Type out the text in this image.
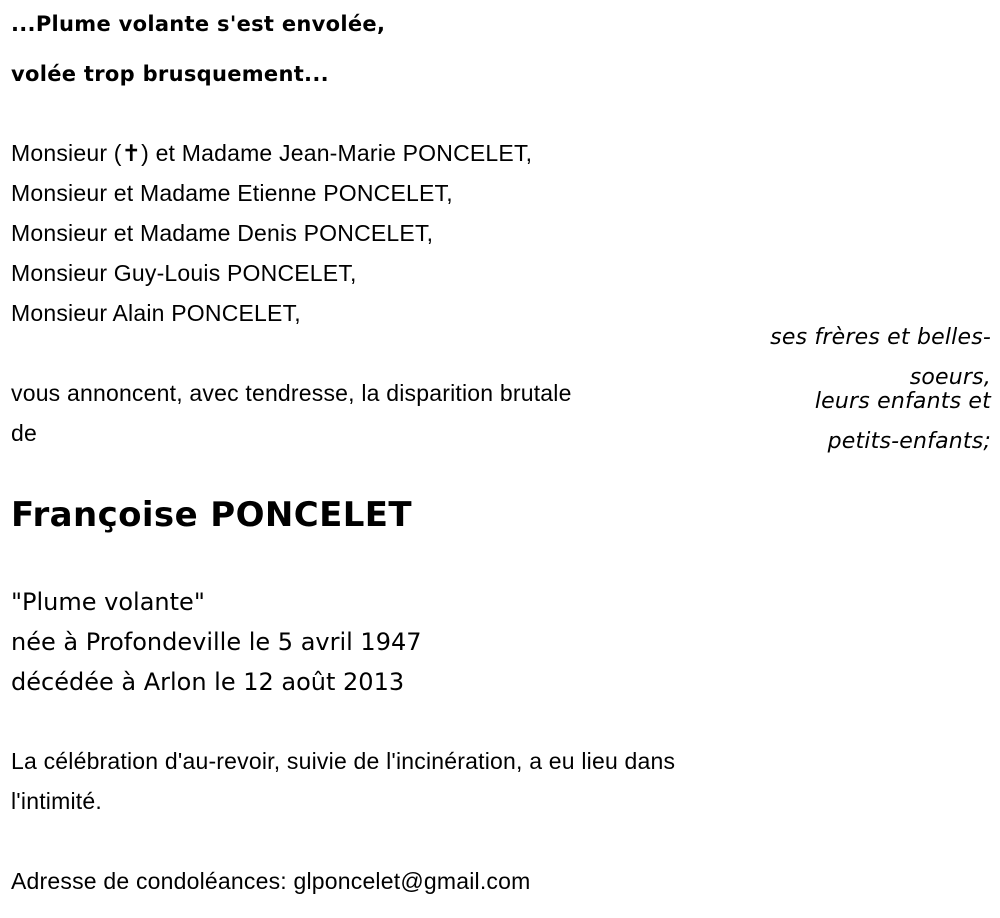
...Plume volante s'est envolée,
volée trop brusquement...
Monsieur (✝) et Madame Jean-Marie PONCELET,
Monsieur et Madame Etienne PONCELET,
Monsieur et Madame Denis PONCELET,
Monsieur Guy-Louis PONCELET,
Monsieur Alain PONCELET,
ses frères et belles-
soeurs,
leurs enfants et
petits-enfants;
vous annoncent, avec tendresse, la disparition brutale
de
Françoise PONCELET
"Plume volante"
née à Profondeville le 5 avril 1947
décédée à Arlon le 12 août 2013
La célébration d'au-revoir, suivie de l'incinération, a eu lieu dans
l'intimité.
Adresse de condoléances: glponcelet@gmail.com
